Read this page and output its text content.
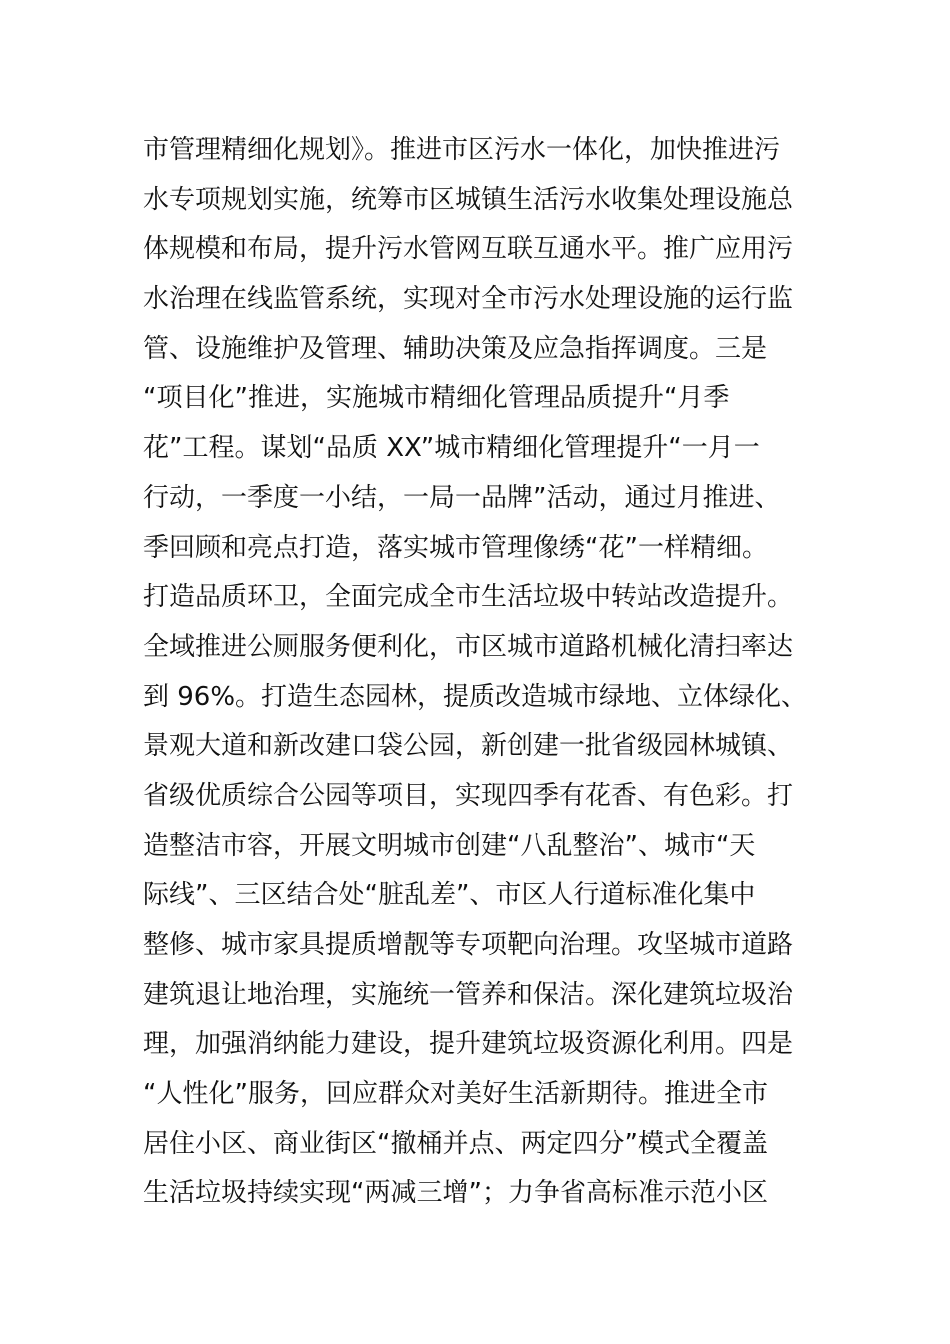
市管理精细化规划》。推进市区污水一体化，加快推进污
水专项规划实施，统筹市区城镇生活污水收集处理设施总
体规模和布局，提升污水管网互联互通水平。推广应用污
水治理在线监管系统，实现对全市污水处理设施的运行监
管、设施维护及管理、辅助决策及应急指挥调度。三是
“项目化”推进，实施城市精细化管理品质提升“月季
花”工程。谋划“品质 XX”城市精细化管理提升“一月一
行动，一季度一小结，一局一品牌”活动，通过月推进、
季回顾和亮点打造，落实城市管理像绣“花”一样精细。
打造品质环卫，全面完成全市生活垃圾中转站改造提升。
全域推进公厕服务便利化，市区城市道路机械化清扫率达
到 96%。打造生态园林，提质改造城市绿地、立体绿化、
景观大道和新改建口袋公园，新创建一批省级园林城镇、
省级优质综合公园等项目，实现四季有花香、有色彩。打
造整洁市容，开展文明城市创建“八乱整治”、城市“天
际线”、三区结合处“脏乱差”、市区人行道标准化集中
整修、城市家具提质增靓等专项靶向治理。攻坚城市道路
建筑退让地治理，实施统一管养和保洁。深化建筑垃圾治
理，加强消纳能力建设，提升建筑垃圾资源化利用。四是
“人性化”服务，回应群众对美好生活新期待。推进全市
居住小区、商业街区“撤桶并点、两定四分”模式全覆盖
生活垃圾持续实现“两减三增”；力争省高标准示范小区
